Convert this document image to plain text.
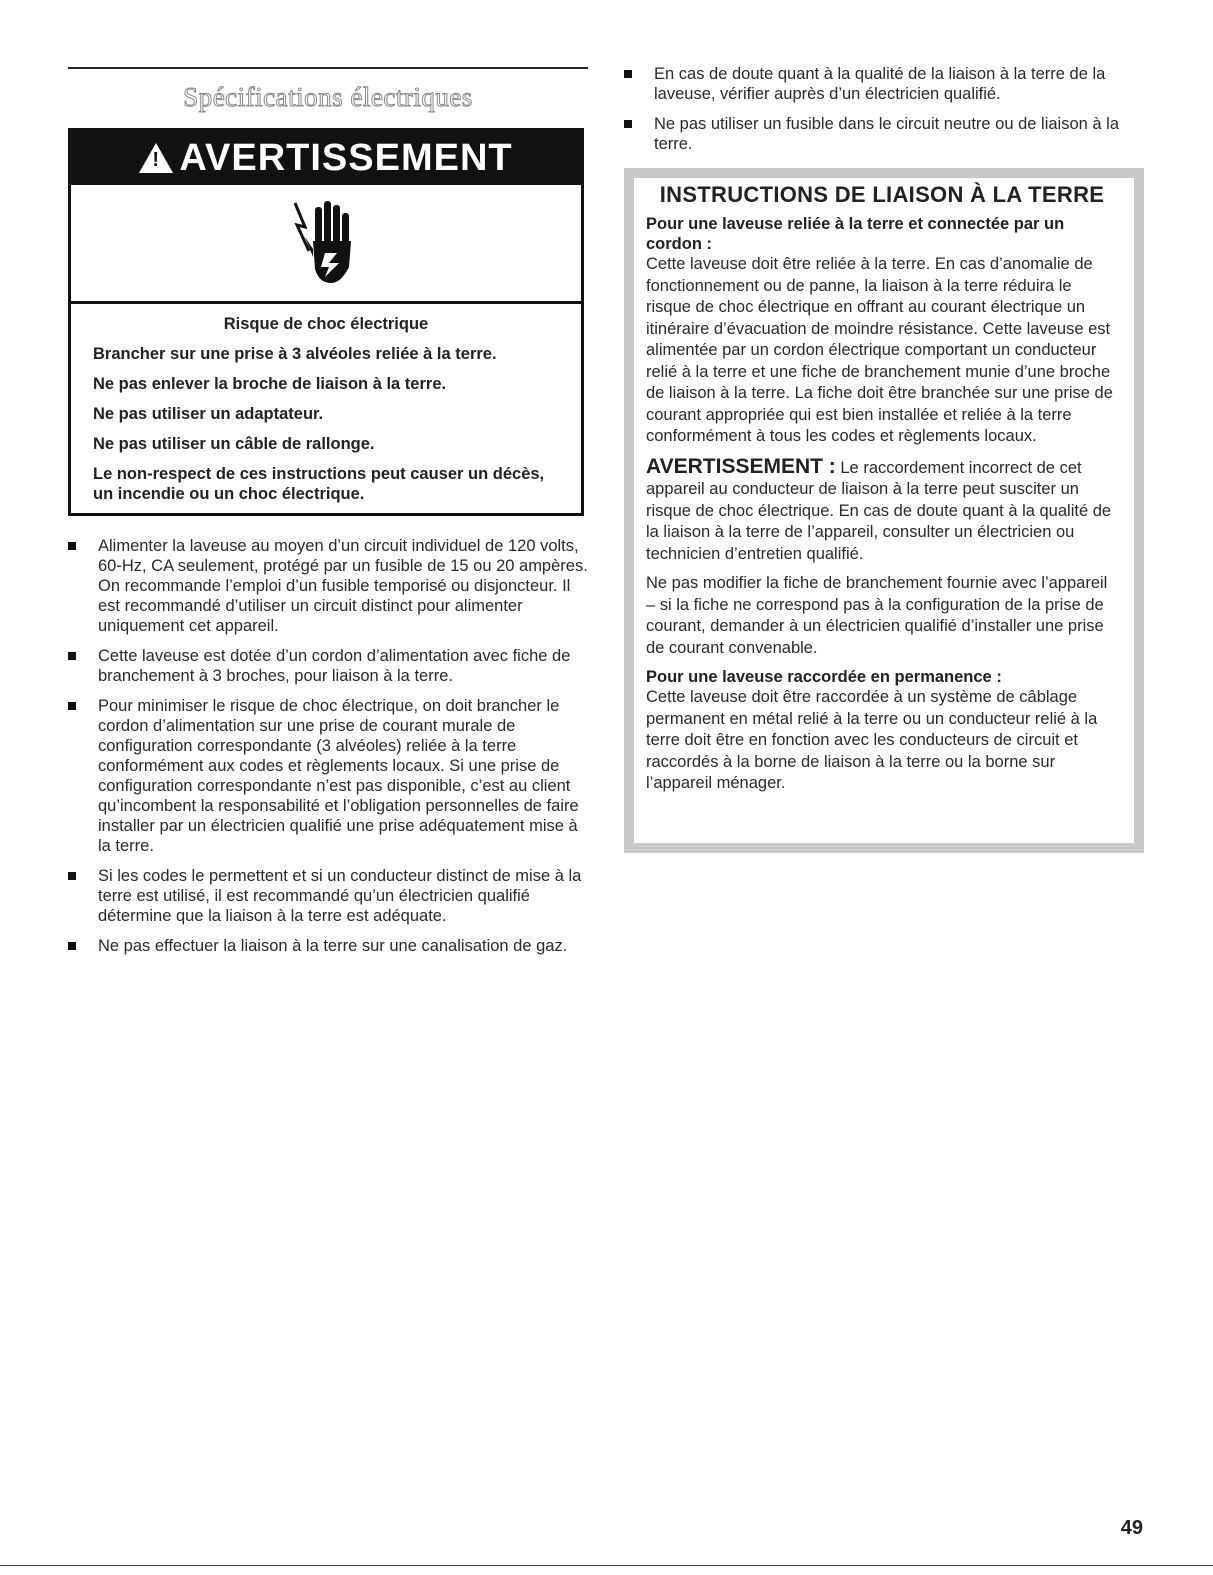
Spécifications électriques
! AVERTISSEMENT
Risque de choc électrique
Brancher sur une prise à 3 alvéoles reliée à la terre.
Ne pas enlever la broche de liaison à la terre.
Ne pas utiliser un adaptateur.
Ne pas utiliser un câble de rallonge.
Le non-respect de ces instructions peut causer un décès, un incendie ou un choc électrique.
Alimenter la laveuse au moyen d’un circuit individuel de 120 volts, 60-Hz, CA seulement, protégé par un fusible de 15 ou 20 ampères. On recommande l’emploi d’un fusible temporisé ou disjoncteur. Il est recommandé d’utiliser un circuit distinct pour alimenter uniquement cet appareil.
Cette laveuse est dotée d’un cordon d’alimentation avec fiche de branchement à 3 broches, pour liaison à la terre.
Pour minimiser le risque de choc électrique, on doit brancher le cordon d’alimentation sur une prise de courant murale de configuration correspondante (3 alvéoles) reliée à la terre conformément aux codes et règlements locaux. Si une prise de configuration correspondante n’est pas disponible, c’est au client qu’incombent la responsabilité et l’obligation personnelles de faire installer par un électricien qualifié une prise adéquatement mise à la terre.
Si les codes le permettent et si un conducteur distinct de mise à la terre est utilisé, il est recommandé qu’un électricien qualifié détermine que la liaison à la terre est adéquate.
Ne pas effectuer la liaison à la terre sur une canalisation de gaz.
En cas de doute quant à la qualité de la liaison à la terre de la laveuse, vérifier auprès d’un électricien qualifié.
Ne pas utiliser un fusible dans le circuit neutre ou de liaison à la terre.
INSTRUCTIONS DE LIAISON À LA TERRE
Pour une laveuse reliée à la terre et connectée par un cordon :
Cette laveuse doit être reliée à la terre. En cas d’anomalie de fonctionnement ou de panne, la liaison à la terre réduira le risque de choc électrique en offrant au courant électrique un itinéraire d’évacuation de moindre résistance. Cette laveuse est alimentée par un cordon électrique comportant un conducteur relié à la terre et une fiche de branchement munie d’une broche de liaison à la terre. La fiche doit être branchée sur une prise de courant appropriée qui est bien installée et reliée à la terre conformément à tous les codes et règlements locaux.
AVERTISSEMENT : Le raccordement incorrect de cet appareil au conducteur de liaison à la terre peut susciter un risque de choc électrique. En cas de doute quant à la qualité de la liaison à la terre de l’appareil, consulter un électricien ou technicien d’entretien qualifié.
Ne pas modifier la fiche de branchement fournie avec l’appareil – si la fiche ne correspond pas à la configuration de la prise de courant, demander à un électricien qualifié d’installer une prise de courant convenable.
Pour une laveuse raccordée en permanence :
Cette laveuse doit être raccordée à un système de câblage permanent en métal relié à la terre ou un conducteur relié à la terre doit être en fonction avec les conducteurs de circuit et raccordés à la borne de liaison à la terre ou la borne sur l’appareil ménager.
49
